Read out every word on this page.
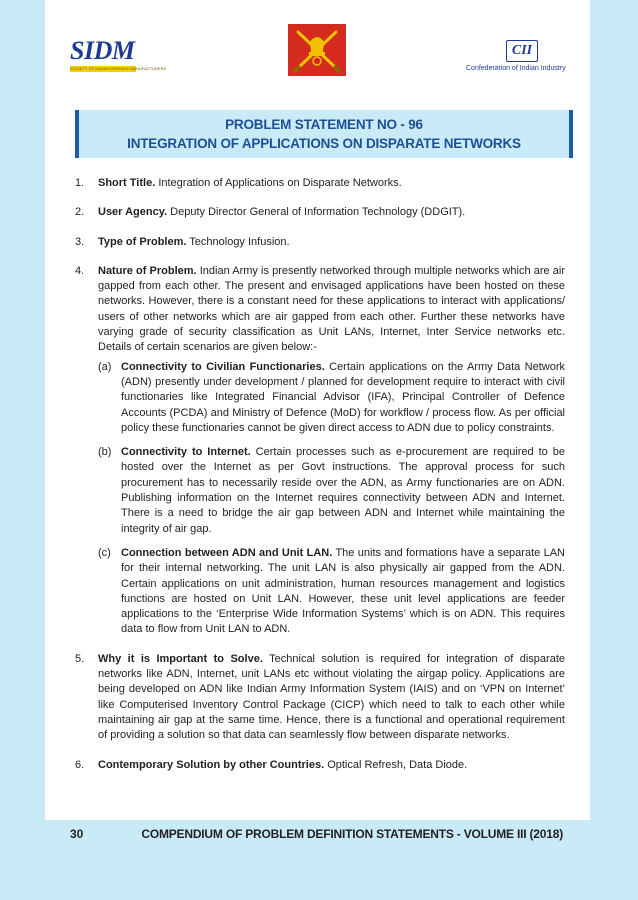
SIDM
SOCIETY OF INDIAN DEFENCE MANUFACTURERS
CII
Confederation of Indian Industry
PROBLEM STATEMENT NO - 96
INTEGRATION OF APPLICATIONS ON DISPARATE NETWORKS
1.	Short Title. Integration of Applications on Disparate Networks.
2.	User Agency. Deputy Director General of Information Technology (DDGIT).
3.	Type of Problem. Technology Infusion.
4.	Nature of Problem. Indian Army is presently networked through multiple networks which are air gapped from each other. The present and envisaged applications have been hosted on these networks. However, there is a constant need for these applications to interact with applications/ users of other networks which are air gapped from each other. Further these networks have varying grade of security classification as Unit LANs, Internet, Inter Service networks etc. Details of certain scenarios are given below:-
(a) Connectivity to Civilian Functionaries. Certain applications on the Army Data Network (ADN) presently under development / planned for development require to interact with civil functionaries like Integrated Financial Advisor (IFA), Principal Controller of Defence Accounts (PCDA) and Ministry of Defence (MoD) for workflow / process flow. As per official policy these functionaries cannot be given direct access to ADN due to policy constraints.
(b) Connectivity to Internet. Certain processes such as e-procurement are required to be hosted over the Internet as per Govt instructions. The approval process for such procurement has to necessarily reside over the ADN, as Army functionaries are on ADN. Publishing information on the Internet requires connectivity between ADN and Internet. There is a need to bridge the air gap between ADN and Internet while maintaining the integrity of air gap.
(c) Connection between ADN and Unit LAN. The units and formations have a separate LAN for their internal networking. The unit LAN is also physically air gapped from the ADN. Certain applications on unit administration, human resources management and logistics functions are hosted on Unit LAN. However, these unit level applications are feeder applications to the ‘Enterprise Wide Information Systems’ which is on ADN. This requires data to flow from Unit LAN to ADN.
5.	Why it is Important to Solve. Technical solution is required for integration of disparate networks like ADN, Internet, unit LANs etc without violating the airgap policy. Applications are being developed on ADN like Indian Army Information System (IAIS) and on ‘VPN on Internet’ like Computerised Inventory Control Package (CICP) which need to talk to each other while maintaining air gap at the same time. Hence, there is a functional and operational requirement of providing a solution so that data can seamlessly flow between disparate networks.
6.	Contemporary Solution by other Countries. Optical Refresh, Data Diode.
30	COMPENDIUM OF PROBLEM DEFINITION STATEMENTS - VOLUME III (2018)
